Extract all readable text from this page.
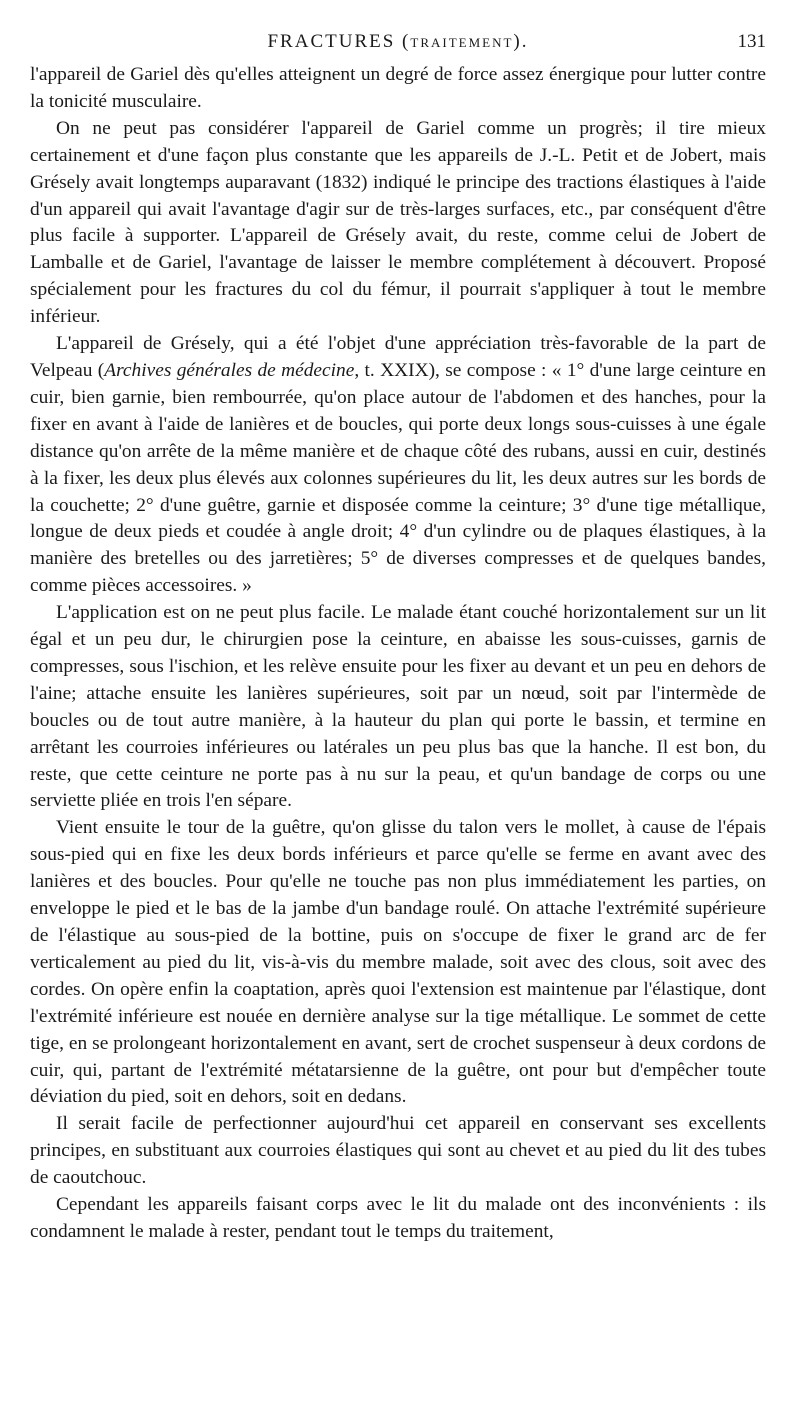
FRACTURES (TRAITEMENT).	131

l'appareil de Gariel dès qu'elles atteignent un degré de force assez énergique pour lutter contre la tonicité musculaire.

On ne peut pas considérer l'appareil de Gariel comme un progrès; il tire mieux certainement et d'une façon plus constante que les appareils de J.-L. Petit et de Jobert, mais Grésely avait longtemps auparavant (1832) indiqué le principe des tractions élastiques à l'aide d'un appareil qui avait l'avantage d'agir sur de très-larges surfaces, etc., par conséquent d'être plus facile à supporter. L'appareil de Grésely avait, du reste, comme celui de Jobert de Lamballe et de Gariel, l'avantage de laisser le membre complétement à découvert. Proposé spécialement pour les fractures du col du fémur, il pourrait s'appliquer à tout le membre inférieur.

L'appareil de Grésely, qui a été l'objet d'une appréciation très-favorable de la part de Velpeau (Archives générales de médecine, t. XXIX), se compose : « 1° d'une large ceinture en cuir, bien garnie, bien rembourrée, qu'on place autour de l'abdomen et des hanches, pour la fixer en avant à l'aide de lanières et de boucles, qui porte deux longs sous-cuisses à une égale distance qu'on arrête de la même manière et de chaque côté des rubans, aussi en cuir, destinés à la fixer, les deux plus élevés aux colonnes supérieures du lit, les deux autres sur les bords de la couchette; 2° d'une guêtre, garnie et disposée comme la ceinture; 3° d'une tige métallique, longue de deux pieds et coudée à angle droit; 4° d'un cylindre ou de plaques élastiques, à la manière des bretelles ou des jarretières; 5° de diverses compresses et de quelques bandes, comme pièces accessoires. »

L'application est on ne peut plus facile. Le malade étant couché horizontalement sur un lit égal et un peu dur, le chirurgien pose la ceinture, en abaisse les sous-cuisses, garnis de compresses, sous l'ischion, et les relève ensuite pour les fixer au devant et un peu en dehors de l'aine; attache ensuite les lanières supérieures, soit par un nœud, soit par l'intermède de boucles ou de tout autre manière, à la hauteur du plan qui porte le bassin, et termine en arrêtant les courroies inférieures ou latérales un peu plus bas que la hanche. Il est bon, du reste, que cette ceinture ne porte pas à nu sur la peau, et qu'un bandage de corps ou une serviette pliée en trois l'en sépare.

Vient ensuite le tour de la guêtre, qu'on glisse du talon vers le mollet, à cause de l'épais sous-pied qui en fixe les deux bords inférieurs et parce qu'elle se ferme en avant avec des lanières et des boucles. Pour qu'elle ne touche pas non plus immédiatement les parties, on enveloppe le pied et le bas de la jambe d'un bandage roulé. On attache l'extrémité supérieure de l'élastique au sous-pied de la bottine, puis on s'occupe de fixer le grand arc de fer verticalement au pied du lit, vis-à-vis du membre malade, soit avec des clous, soit avec des cordes. On opère enfin la coaptation, après quoi l'extension est maintenue par l'élastique, dont l'extrémité inférieure est nouée en dernière analyse sur la tige métallique. Le sommet de cette tige, en se prolongeant horizontalement en avant, sert de crochet suspenseur à deux cordons de cuir, qui, partant de l'extrémité métatarsienne de la guêtre, ont pour but d'empêcher toute déviation du pied, soit en dehors, soit en dedans.

Il serait facile de perfectionner aujourd'hui cet appareil en conservant ses excellents principes, en substituant aux courroies élastiques qui sont au chevet et au pied du lit des tubes de caoutchouc.

Cependant les appareils faisant corps avec le lit du malade ont des inconvénients : ils condamnent le malade à rester, pendant tout le temps du traitement,
